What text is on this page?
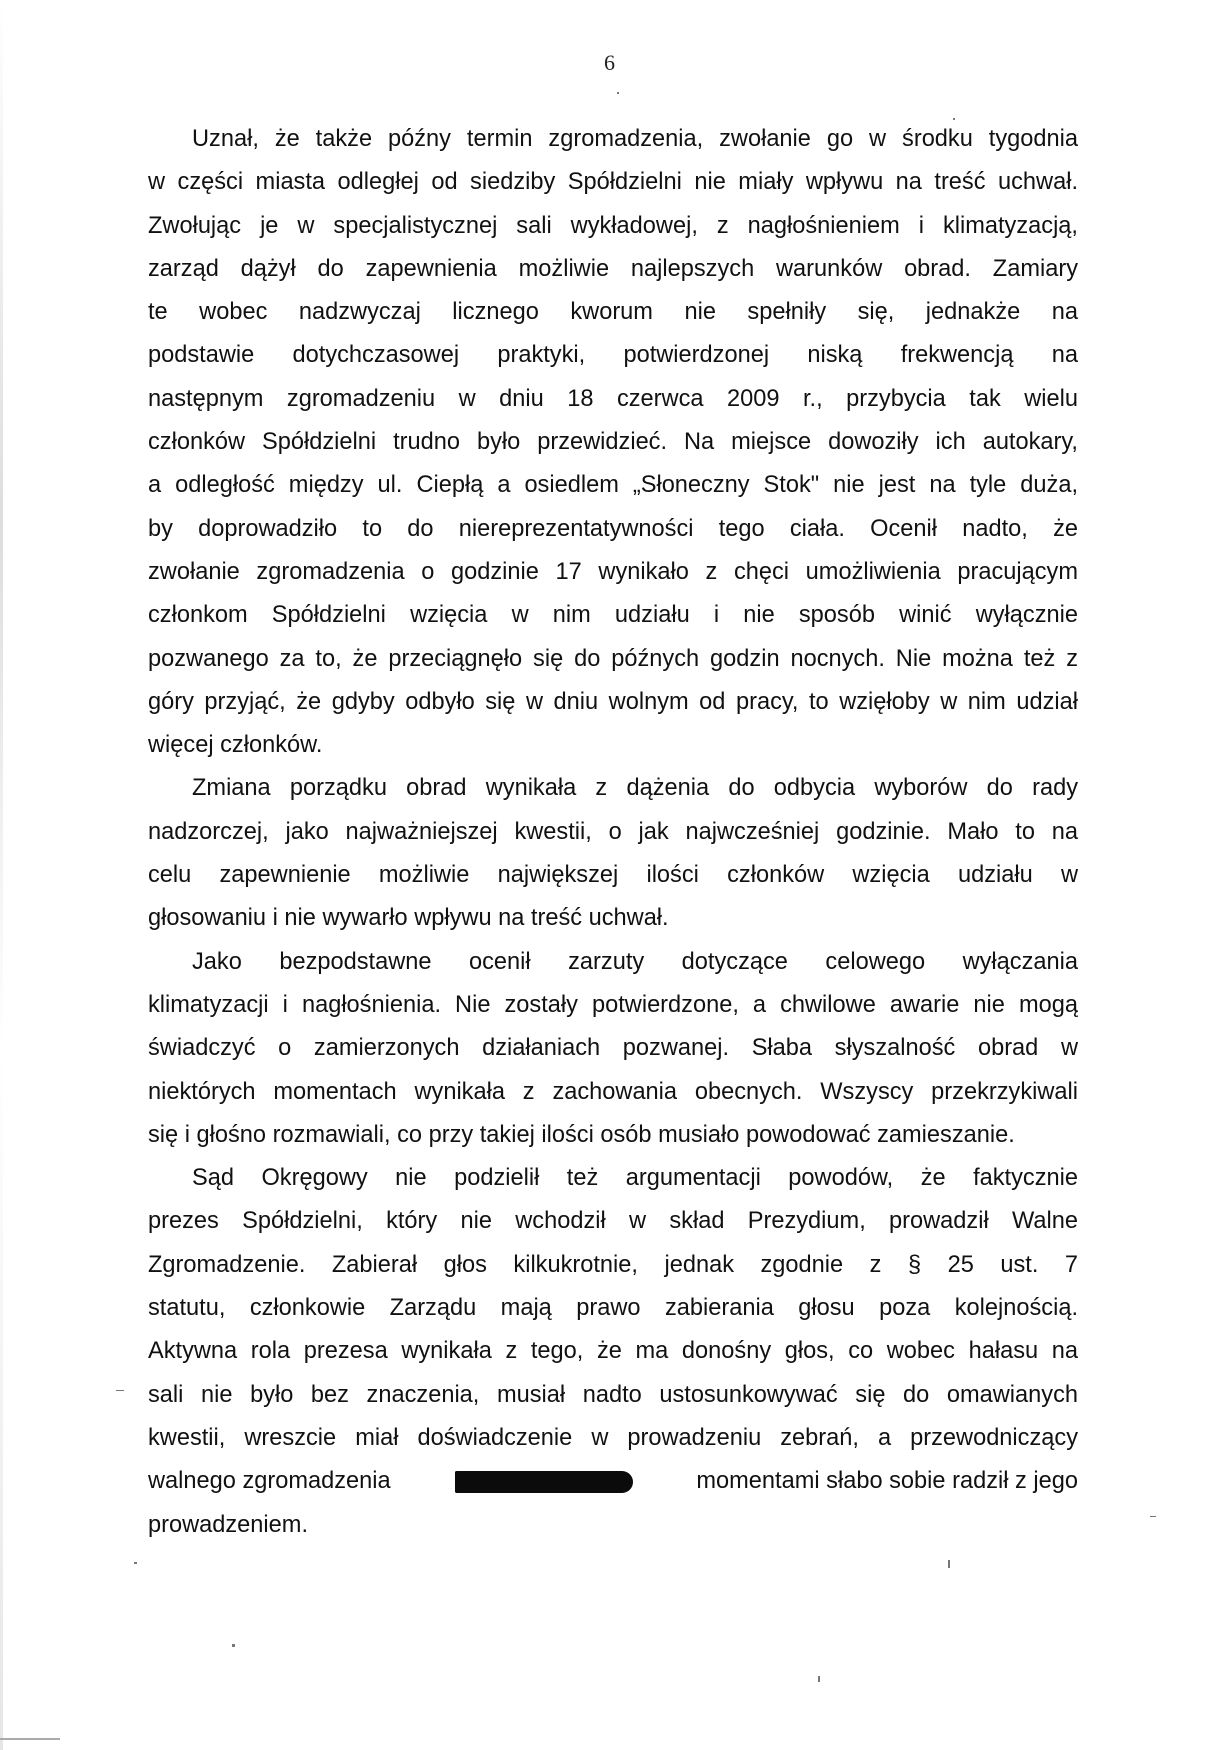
6
Uznał, że także późny termin zgromadzenia, zwołanie go w środku tygodnia
w części miasta odległej od siedziby Spółdzielni nie miały wpływu na treść uchwał.
Zwołując je w specjalistycznej sali wykładowej, z nagłośnieniem i klimatyzacją,
zarząd dążył do zapewnienia możliwie najlepszych warunków obrad. Zamiary
te wobec nadzwyczaj licznego kworum nie spełniły się, jednakże na
podstawie dotychczasowej praktyki, potwierdzonej niską frekwencją na
następnym zgromadzeniu w dniu 18 czerwca 2009 r., przybycia tak wielu
członków Spółdzielni trudno było przewidzieć. Na miejsce dowoziły ich autokary,
a odległość między ul. Ciepłą a osiedlem „Słoneczny Stok" nie jest na tyle duża,
by doprowadziło to do niereprezentatywności tego ciała. Ocenił nadto, że
zwołanie zgromadzenia o godzinie 17 wynikało z chęci umożliwienia pracującym
członkom Spółdzielni wzięcia w nim udziału i nie sposób winić wyłącznie
pozwanego za to, że przeciągnęło się do późnych godzin nocnych. Nie można też z
góry przyjąć, że gdyby odbyło się w dniu wolnym od pracy, to wzięłoby w nim udział
więcej członków.
Zmiana porządku obrad wynikała z dążenia do odbycia wyborów do rady
nadzorczej, jako najważniejszej kwestii, o jak najwcześniej godzinie. Mało to na
celu zapewnienie możliwie największej ilości członków wzięcia udziału w
głosowaniu i nie wywarło wpływu na treść uchwał.
Jako bezpodstawne ocenił zarzuty dotyczące celowego wyłączania
klimatyzacji i nagłośnienia. Nie zostały potwierdzone, a chwilowe awarie nie mogą
świadczyć o zamierzonych działaniach pozwanej. Słaba słyszalność obrad w
niektórych momentach wynikała z zachowania obecnych. Wszyscy przekrzykiwali
się i głośno rozmawiali, co przy takiej ilości osób musiało powodować zamieszanie.
Sąd Okręgowy nie podzielił też argumentacji powodów, że faktycznie
prezes Spółdzielni, który nie wchodził w skład Prezydium, prowadził Walne
Zgromadzenie. Zabierał głos kilkukrotnie, jednak zgodnie z § 25 ust. 7
statutu, członkowie Zarządu mają prawo zabierania głosu poza kolejnością.
Aktywna rola prezesa wynikała z tego, że ma donośny głos, co wobec hałasu na
sali nie było bez znaczenia, musiał nadto ustosunkowywać się do omawianych
kwestii, wreszcie miał doświadczenie w prowadzeniu zebrań, a przewodniczący
walnego zgromadzenia	momentami słabo sobie radził z jego
prowadzeniem.
